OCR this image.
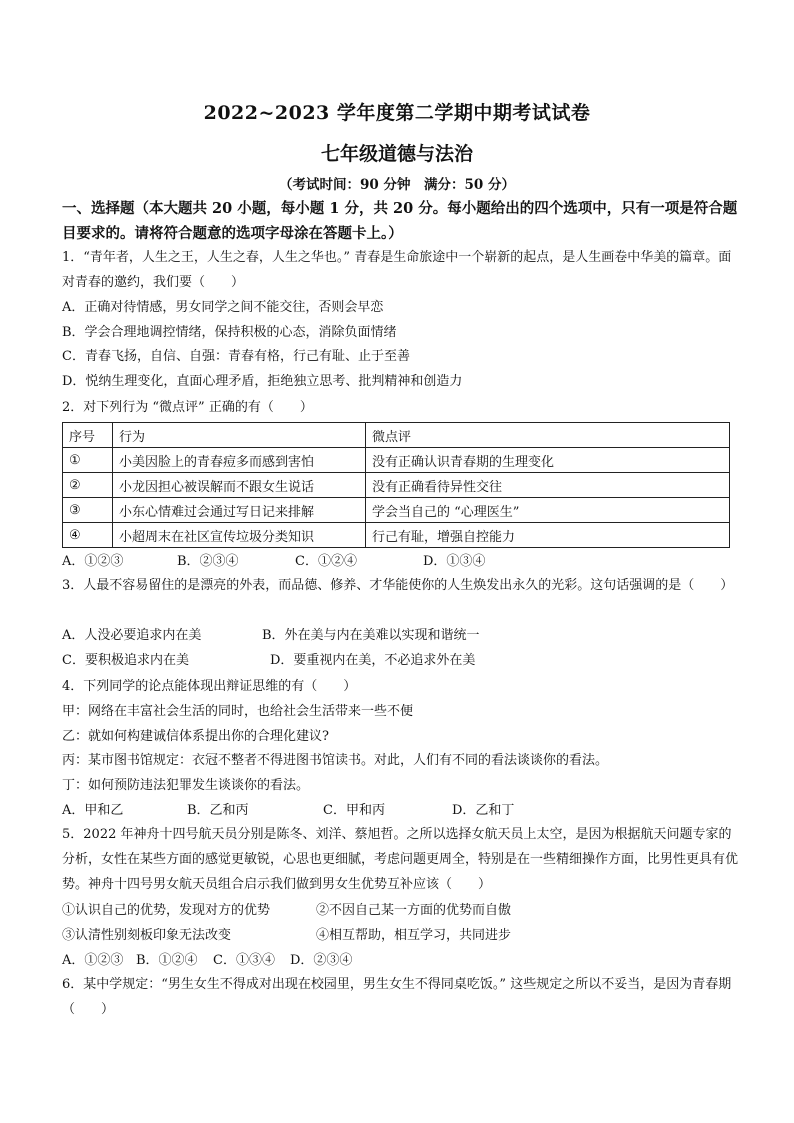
2022~2023 学年度第二学期中期考试试卷
七年级道德与法治
（考试时间：90 分钟　满分：50 分）
一、选择题（本大题共 20 小题，每小题 1 分，共 20 分。每小题给出的四个选项中，只有一项是符合题目要求的。请将符合题意的选项字母涂在答题卡上。）
1．“青年者，人生之王，人生之春，人生之华也。” 青春是生命旅途中一个崭新的起点，是人生画卷中华美的篇章。面对青春的邀约，我们要（　　）
A．正确对待情感，男女同学之间不能交往，否则会早恋
B．学会合理地调控情绪，保持积极的心态，消除负面情绪
C．青春飞扬，自信、自强：青春有格，行己有耻、止于至善
D．悦纳生理变化，直面心理矛盾，拒绝独立思考、批判精神和创造力
2．对下列行为 “微点评” 正确的有（　　）
序号	行为	微点评
①	小美因脸上的青春痘多而感到害怕	没有正确认识青春期的生理变化
②	小龙因担心被误解而不跟女生说话	没有正确看待异性交往
③	小东心情难过会通过写日记来排解	学会当自己的 “心理医生”
④	小超周末在社区宣传垃圾分类知识	行己有耻，增强自控能力
A．①②③	B．②③④	C．①②④	D．①③④
3．人最不容易留住的是漂亮的外表，而品德、修养、才华能使你的人生焕发出永久的光彩。这句话强调的是（　　）
A．人没必要追求内在美	B．外在美与内在美难以实现和谐统一
C．要积极追求内在美	D．要重视内在美，不必追求外在美
4．下列同学的论点能体现出辩证思维的有（　　）
甲：网络在丰富社会生活的同时，也给社会生活带来一些不便
乙：就如何构建诚信体系提出你的合理化建议?
丙：某市图书馆规定：衣冠不整者不得进图书馆读书。对此，人们有不同的看法谈谈你的看法。
丁：如何预防违法犯罪发生谈谈你的看法。
A．甲和乙	B．乙和丙	C．甲和丙	D．乙和丁
5．2022 年神舟十四号航天员分别是陈冬、刘洋、蔡旭哲。之所以选择女航天员上太空，是因为根据航天问题专家的分析，女性在某些方面的感觉更敏锐，心思也更细腻，考虑问题更周全，特别是在一些精细操作方面，比男性更具有优势。神舟十四号男女航天员组合启示我们做到男女生优势互补应该（　　）
①认识自己的优势，发现对方的优势	②不因自己某一方面的优势而自傲
③认清性别刻板印象无法改变	④相互帮助，相互学习，共同进步
A．①②③ B．①②④ C．①③④ D．②③④
6．某中学规定：“男生女生不得成对出现在校园里，男生女生不得同桌吃饭。” 这些规定之所以不妥当，是因为青春期（　　）
